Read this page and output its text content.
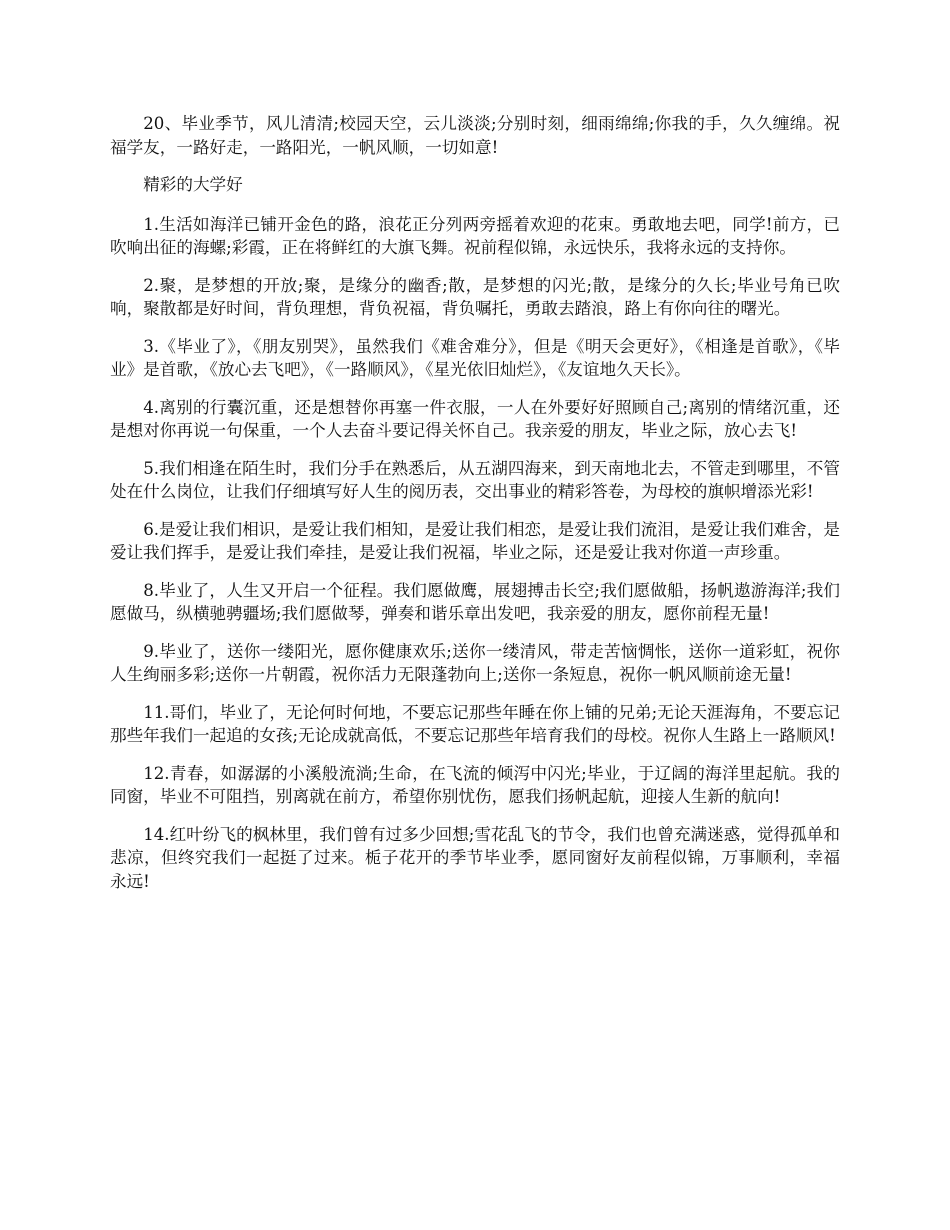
20、毕业季节，风儿清清;校园天空，云儿淡淡;分别时刻，细雨绵绵;你我的手，久久缠绵。祝福学友，一路好走，一路阳光，一帆风顺，一切如意!

精彩的大学好

1.生活如海洋已铺开金色的路，浪花正分列两旁摇着欢迎的花束。勇敢地去吧，同学!前方，已吹响出征的海螺;彩霞，正在将鲜红的大旗飞舞。祝前程似锦，永远快乐，我将永远的支持你。

2.聚，是梦想的开放;聚，是缘分的幽香;散，是梦想的闪光;散，是缘分的久长;毕业号角已吹响，聚散都是好时间，背负理想，背负祝福，背负嘱托，勇敢去踏浪，路上有你向往的曙光。

3.《毕业了》，《朋友别哭》，虽然我们《难舍难分》，但是《明天会更好》，《相逢是首歌》，《毕业》是首歌，《放心去飞吧》，《一路顺风》，《星光依旧灿烂》，《友谊地久天长》。

4.离别的行囊沉重，还是想替你再塞一件衣服，一人在外要好好照顾自己;离别的情绪沉重，还是想对你再说一句保重，一个人去奋斗要记得关怀自己。我亲爱的朋友，毕业之际，放心去飞!

5.我们相逢在陌生时，我们分手在熟悉后，从五湖四海来，到天南地北去，不管走到哪里，不管处在什么岗位，让我们仔细填写好人生的阅历表，交出事业的精彩答卷，为母校的旗帜增添光彩!

6.是爱让我们相识，是爱让我们相知，是爱让我们相恋，是爱让我们流泪，是爱让我们难舍，是爱让我们挥手，是爱让我们牵挂，是爱让我们祝福，毕业之际，还是爱让我对你道一声珍重。

8.毕业了，人生又开启一个征程。我们愿做鹰，展翅搏击长空;我们愿做船，扬帆遨游海洋;我们愿做马，纵横驰骋疆场;我们愿做琴，弹奏和谐乐章出发吧，我亲爱的朋友，愿你前程无量!

9.毕业了，送你一缕阳光，愿你健康欢乐;送你一缕清风，带走苦恼惆怅，送你一道彩虹，祝你人生绚丽多彩;送你一片朝霞，祝你活力无限蓬勃向上;送你一条短息，祝你一帆风顺前途无量!

11.哥们，毕业了，无论何时何地，不要忘记那些年睡在你上铺的兄弟;无论天涯海角，不要忘记那些年我们一起追的女孩;无论成就高低，不要忘记那些年培育我们的母校。祝你人生路上一路顺风!

12.青春，如潺潺的小溪般流淌;生命，在飞流的倾泻中闪光;毕业，于辽阔的海洋里起航。我的同窗，毕业不可阻挡，别离就在前方，希望你别忧伤，愿我们扬帆起航，迎接人生新的航向!

14.红叶纷飞的枫林里，我们曾有过多少回想;雪花乱飞的节令，我们也曾充满迷惑，觉得孤单和悲凉，但终究我们一起挺了过来。栀子花开的季节毕业季，愿同窗好友前程似锦，万事顺利，幸福永远!
